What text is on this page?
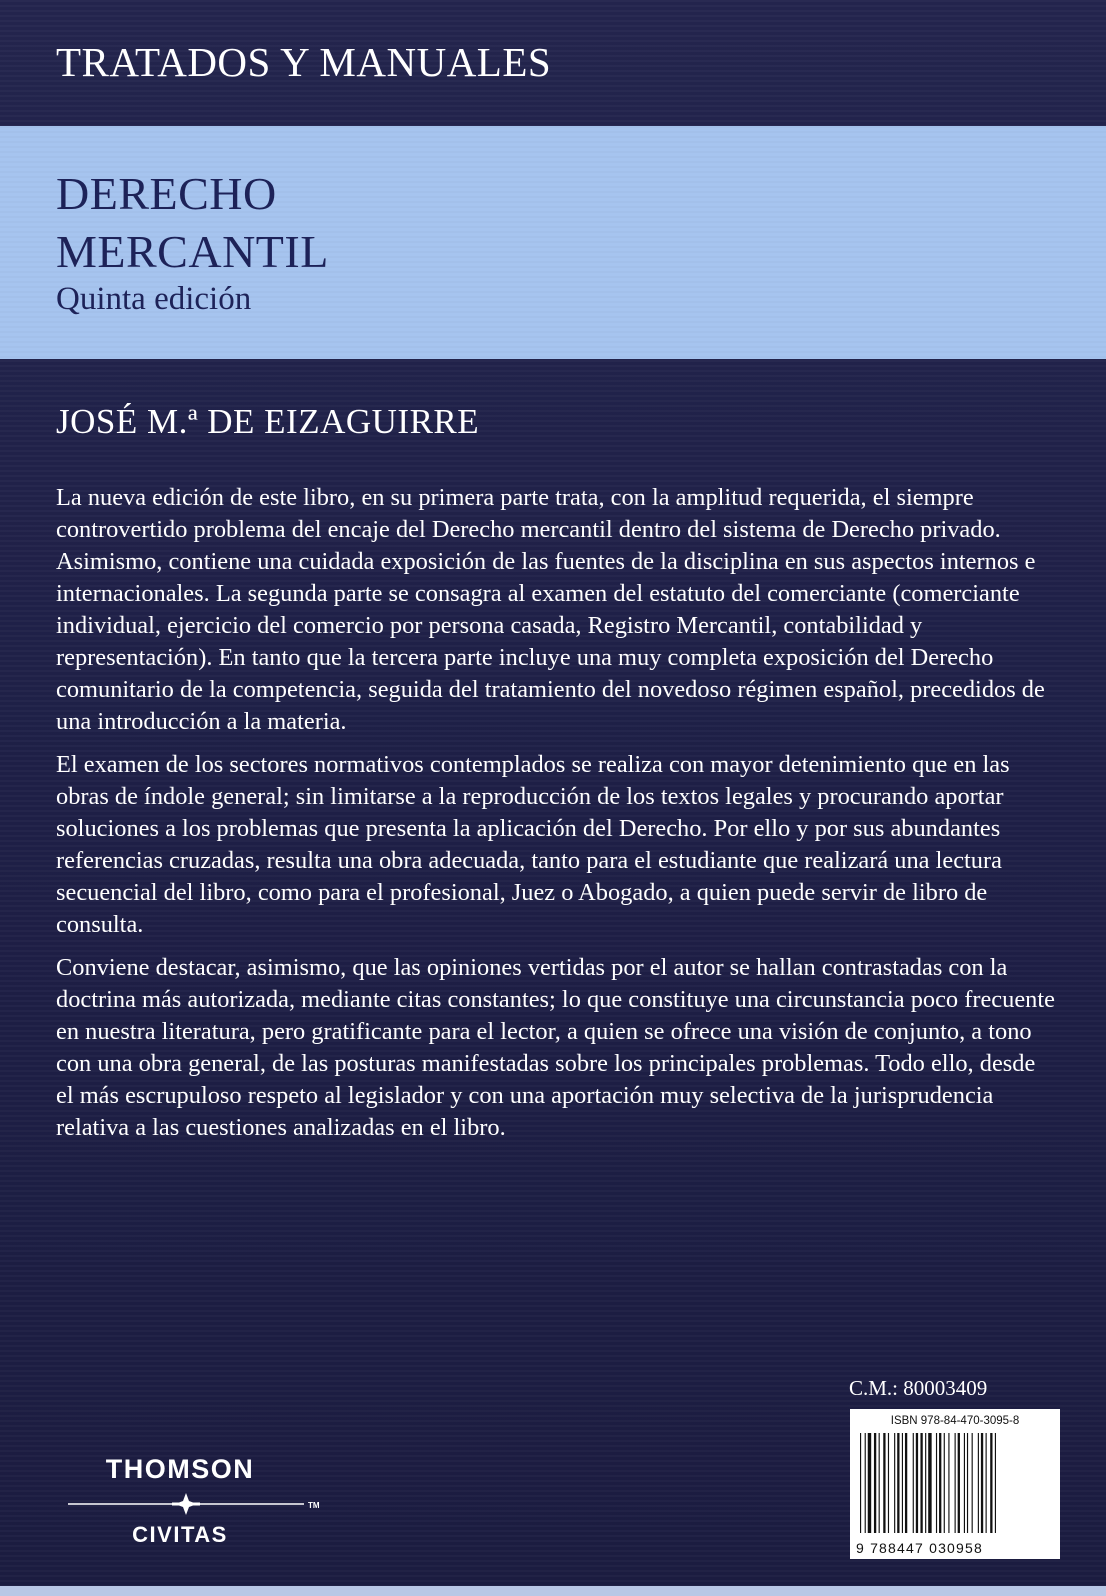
TRATADOS Y MANUALES
DERECHO
MERCANTIL
Quinta edición
JOSÉ M.ª DE EIZAGUIRRE

La nueva edición de este libro, en su primera parte trata, con la amplitud requerida, el siempre controvertido problema del encaje del Derecho mercantil dentro del sistema de Derecho privado. Asimismo, contiene una cuidada exposición de las fuentes de la disciplina en sus aspectos internos e internacionales. La segunda parte se consagra al examen del estatuto del comerciante (comerciante individual, ejercicio del comercio por persona casada, Registro Mercantil, contabilidad y representación). En tanto que la tercera parte incluye una muy completa exposición del Derecho comunitario de la competencia, seguida del tratamiento del novedoso régimen español, precedidos de una introducción a la materia.

El examen de los sectores normativos contemplados se realiza con mayor detenimiento que en las obras de índole general; sin limitarse a la reproducción de los textos legales y procurando aportar soluciones a los problemas que presenta la aplicación del Derecho. Por ello y por sus abundantes referencias cruzadas, resulta una obra adecuada, tanto para el estudiante que realizará una lectura secuencial del libro, como para el profesional, Juez o Abogado, a quien puede servir de libro de consulta.

Conviene destacar, asimismo, que las opiniones vertidas por el autor se hallan contrastadas con la doctrina más autorizada, mediante citas constantes; lo que constituye una circunstancia poco frecuente en nuestra literatura, pero gratificante para el lector, a quien se ofrece una visión de conjunto, a tono con una obra general, de las posturas manifestadas sobre los principales problemas. Todo ello, desde el más escrupuloso respeto al legislador y con una aportación muy selectiva de la jurisprudencia relativa a las cuestiones analizadas en el libro.

C.M.: 80003409
ISBN 978-84-470-3095-8
9 788447 030958
THOMSON
TM
CIVITAS
